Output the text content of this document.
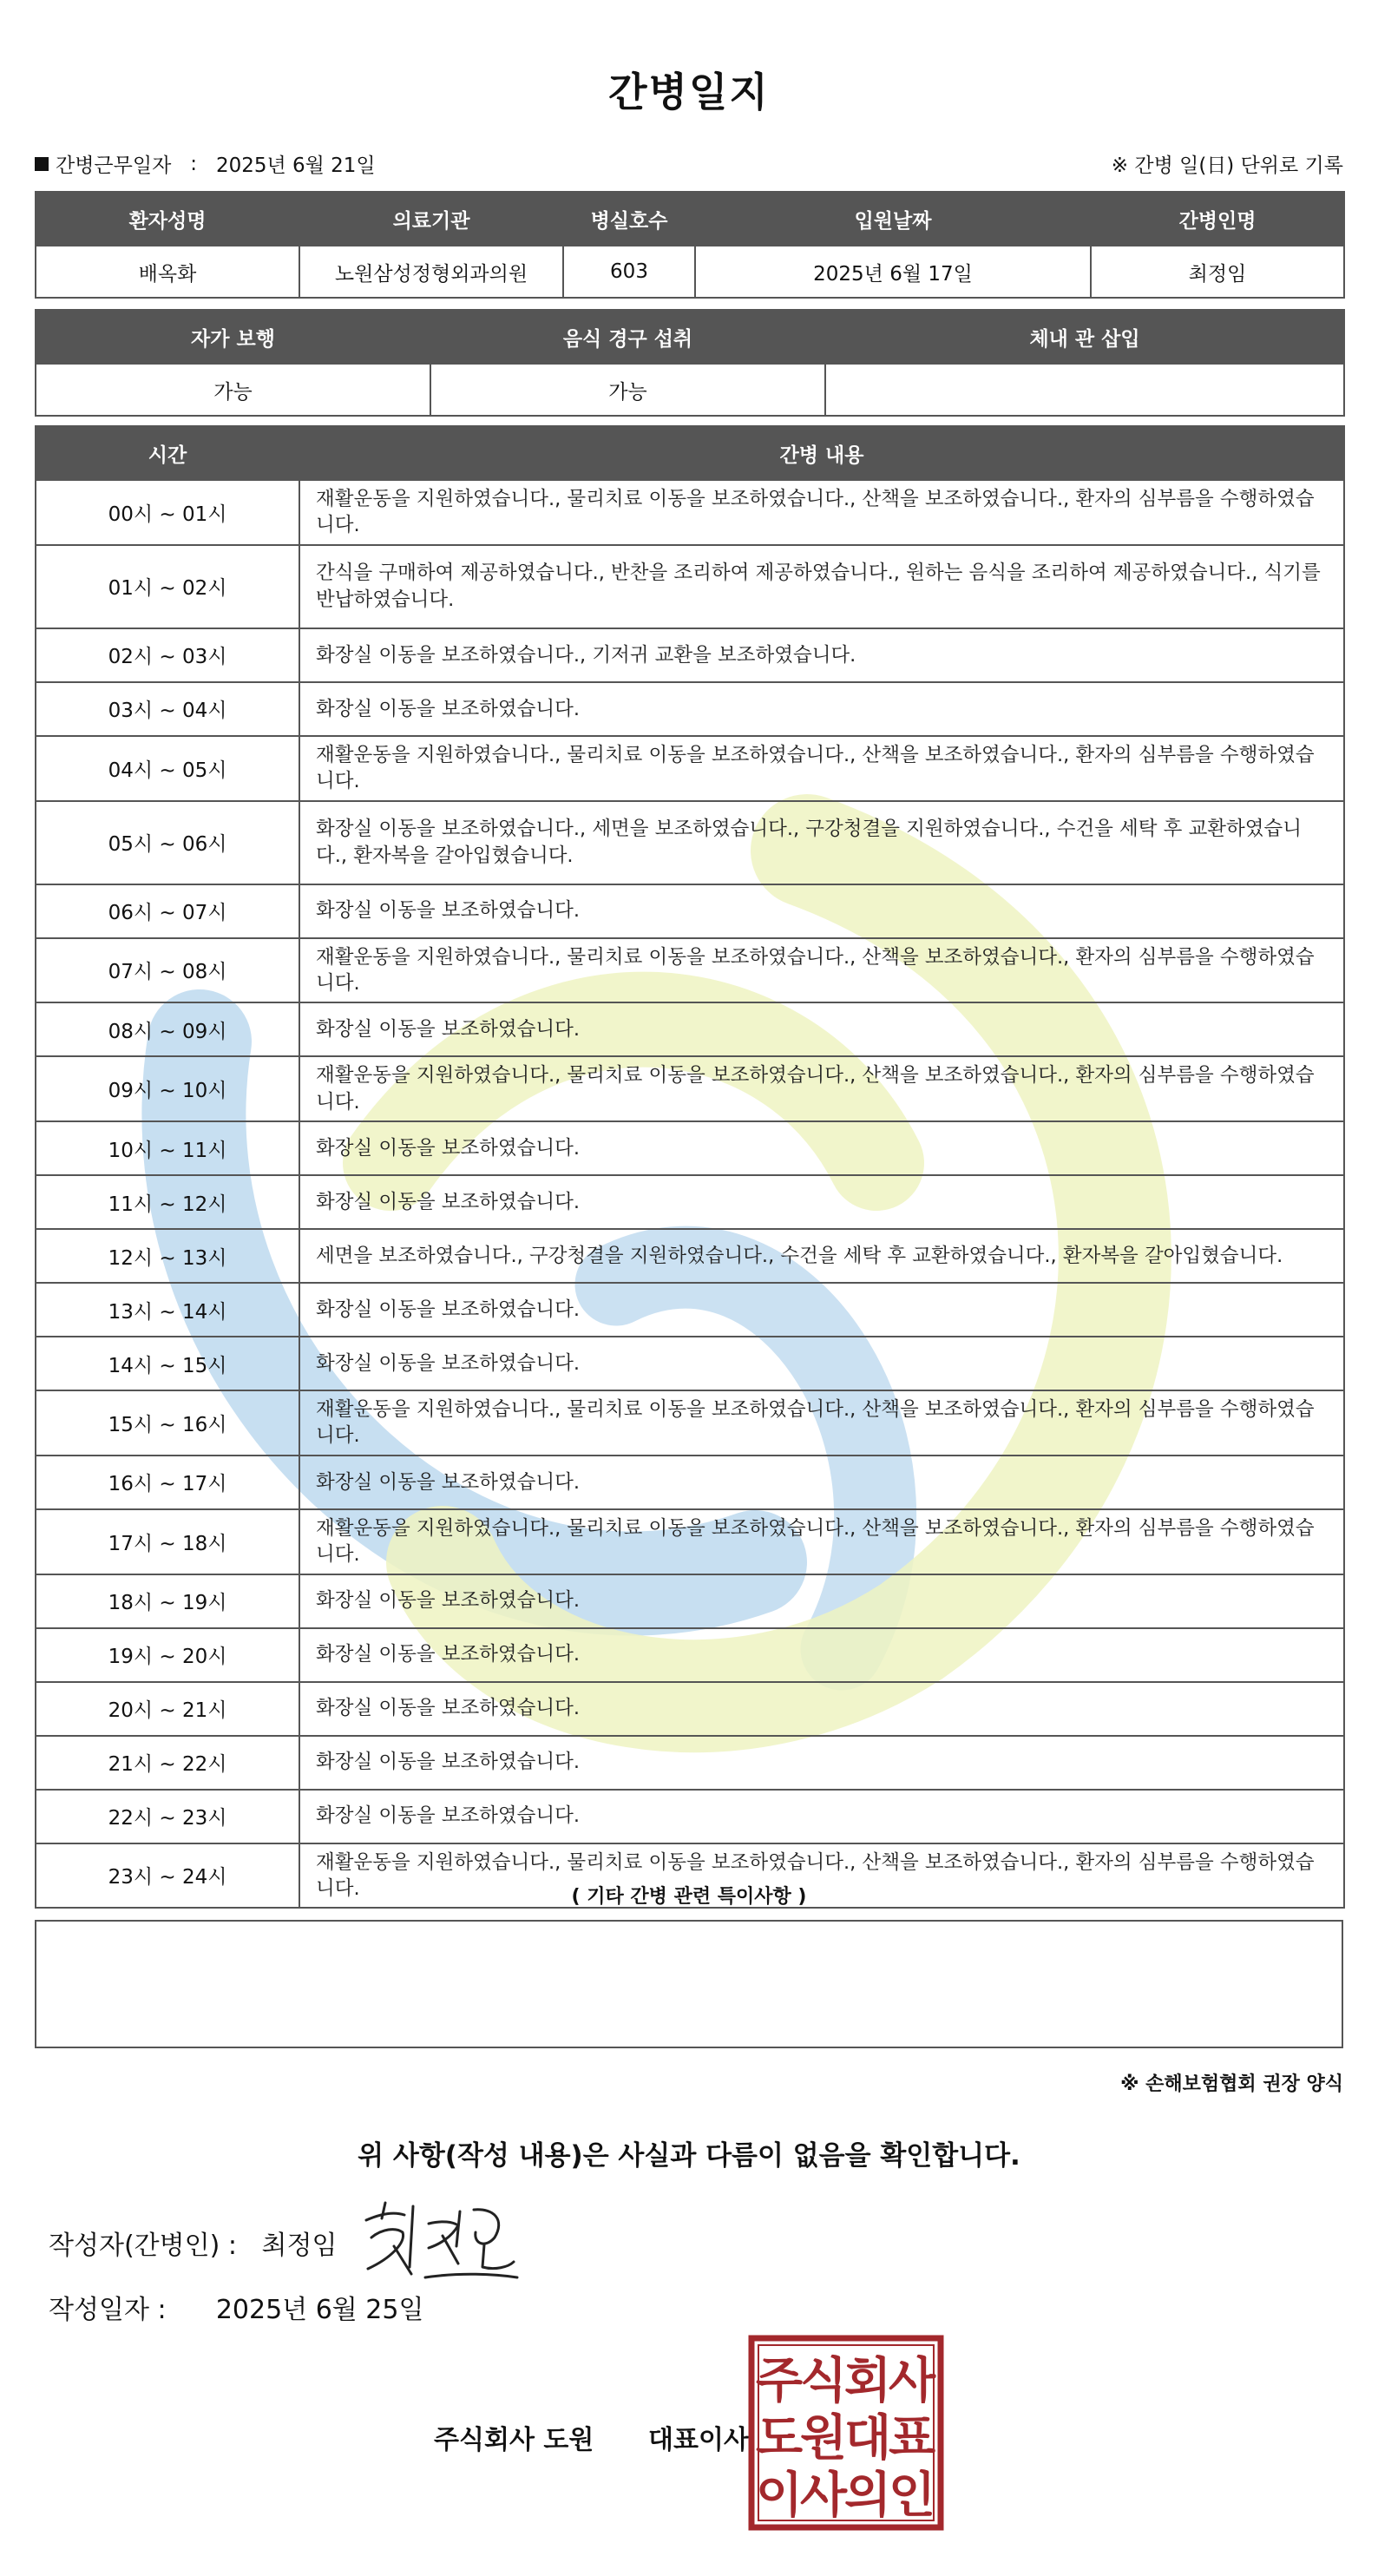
간병일지
간병근무일자
:
2025년 6월 21일	※ 간병 일(日) 단위로 기록
환자성명	의료기관	병실호수	입원날짜	간병인명
배옥화	노원삼성정형외과의원	603	2025년 6월 17일	최정임
자가 보행	음식 경구 섭취	체내 관 삽입
가능	가능	
시간	간병 내용
00시 ~ 01시	재활운동을 지원하였습니다., 물리치료 이동을 보조하였습니다., 산책을 보조하였습니다., 환자의 심부름을 수행하였습니다.
01시 ~ 02시	간식을 구매하여 제공하였습니다., 반찬을 조리하여 제공하였습니다., 원하는 음식을 조리하여 제공하였습니다., 식기를 반납하였습니다.
02시 ~ 03시	화장실 이동을 보조하였습니다., 기저귀 교환을 보조하였습니다.
03시 ~ 04시	화장실 이동을 보조하였습니다.
04시 ~ 05시	재활운동을 지원하였습니다., 물리치료 이동을 보조하였습니다., 산책을 보조하였습니다., 환자의 심부름을 수행하였습니다.
05시 ~ 06시	화장실 이동을 보조하였습니다., 세면을 보조하였습니다., 구강청결을 지원하였습니다., 수건을 세탁 후 교환하였습니다., 환자복을 갈아입혔습니다.
06시 ~ 07시	화장실 이동을 보조하였습니다.
07시 ~ 08시	재활운동을 지원하였습니다., 물리치료 이동을 보조하였습니다., 산책을 보조하였습니다., 환자의 심부름을 수행하였습니다.
08시 ~ 09시	화장실 이동을 보조하였습니다.
09시 ~ 10시	재활운동을 지원하였습니다., 물리치료 이동을 보조하였습니다., 산책을 보조하였습니다., 환자의 심부름을 수행하였습니다.
10시 ~ 11시	화장실 이동을 보조하였습니다.
11시 ~ 12시	화장실 이동을 보조하였습니다.
12시 ~ 13시	세면을 보조하였습니다., 구강청결을 지원하였습니다., 수건을 세탁 후 교환하였습니다., 환자복을 갈아입혔습니다.
13시 ~ 14시	화장실 이동을 보조하였습니다.
14시 ~ 15시	화장실 이동을 보조하였습니다.
15시 ~ 16시	재활운동을 지원하였습니다., 물리치료 이동을 보조하였습니다., 산책을 보조하였습니다., 환자의 심부름을 수행하였습니다.
16시 ~ 17시	화장실 이동을 보조하였습니다.
17시 ~ 18시	재활운동을 지원하였습니다., 물리치료 이동을 보조하였습니다., 산책을 보조하였습니다., 환자의 심부름을 수행하였습니다.
18시 ~ 19시	화장실 이동을 보조하였습니다.
19시 ~ 20시	화장실 이동을 보조하였습니다.
20시 ~ 21시	화장실 이동을 보조하였습니다.
21시 ~ 22시	화장실 이동을 보조하였습니다.
22시 ~ 23시	화장실 이동을 보조하였습니다.
23시 ~ 24시	재활운동을 지원하였습니다., 물리치료 이동을 보조하였습니다., 산책을 보조하였습니다., 환자의 심부름을 수행하였습니다.	( 기타 간병 관련 특이사항 )
※ 손해보험협회 권장 양식
위 사항(작성 내용)은 사실과 다름이 없음을 확인합니다.
작성자(간병인) :
최정임
작성일자 : 2025년 6월 25일
주식회사 도원 대표이사
주
식
회
사
도
원
대
표
이
사
의
인
